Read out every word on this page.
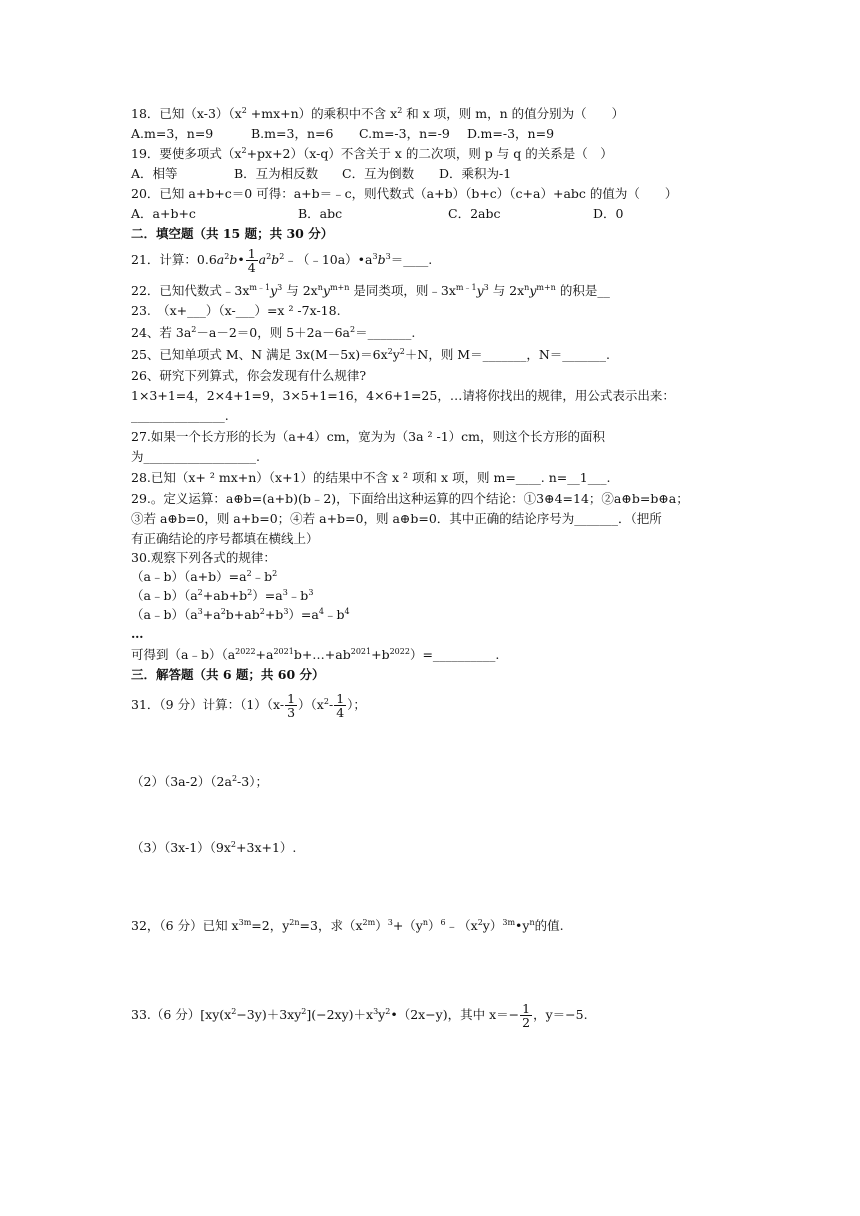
18．已知$(x-3)(x^2 +mx+n)$的乘积中不含 $x^2$ 和 x 项，则 m，n 的值分别为（　　）
A.m=3，n=9	B.m=3，n=6 C.m=-3，n=-9 D.m=-3，n=9
19．要使多项式$(x^2+px+2)(x-q)$不含关于 x 的二次项，则 p 与 q 的关系是（　）
A．相等	B．互为相反数 C．互为倒数 D．乘积为-1
20．已知 a+b+c＝0 可得：a+b＝﹣c，则代数式（a+b）（b+c）（c+a）+abc 的值为（　　）
A．a+b+c	B．abc	C．2abc	D．0
二．填空题（共 15 题；共 30 分）
21．计算：$0.6a^2b• \frac{1}{4}$ $a^2b^2﹣(﹣10a)•a^3b^3=\_\_\_\_$.
22．已知代数式$﹣3x^{m﹣1}y^3$ 与 $2x^ny^{m+n}$ 是同类项，则$﹣3x^{m﹣1}y^3$ 与 $2x^ny^{m+n}$ 的积是__
23.　（x+___）（x-___）=x ² -7x-18.
24、若 $3a^2-a-2=0$，则 $5+2a-6a^2=\_\_\_\_\_\_\_$.
25、已知单项式 M、N 满足 $3x(M-5x)=6x^2y^2+N$，则 M＝_______，N＝_______.
26、研究下列算式，你会发现有什么规律?
1×3+1=4，2×4+1=9，3×5+1=16，4×6+1=25，…请将你找出的规律，用公式表示出来：
_______________.
27.如果一个长方形的长为（a+4）cm，宽为为（3a ² -1）cm，则这个长方形的面积
为__________________.
28.已知（x+ ² mx+n）（x+1）的结果中不含 x ² 项和 x 项，则 m=____. n=__1___.
29.。定义运算：a⊕b=(a+b)(b﹣2)，下面给出这种运算的四个结论：①3⊕4=14；②a⊕b=b⊕a；
③若 a⊕b=0，则 a+b=0；④若 a+b=0，则 a⊕b=0．其中正确的结论序号为_______．（把所
有正确结论的序号都填在横线上）
30.观察下列各式的规律：
$(a﹣b)(a+b)=a^2﹣b^2$
$(a﹣b)(a^2+ab+b^2)=a^3﹣b^3$
$(a﹣b)(a^3+a^2b+ab^2+b^3)=a^4﹣b^4$
…
可得到$(a﹣b)(a^{2022}+a^{2021}b+\dots+ab^{2021}+b^{2022})=\_\_\_\_\_\_\_\_\_\_$.
三．解答题（共 6 题；共 60 分）
31．（9 分）计算：$(1)(x- \frac{1}{3} )(x^2- \frac{1}{4}$ ）；
$(2)(3a-2)(2a^2-3)$；
$(3)(3x-1)(9x^2+3x+1)$.
32，（6 分）已知 $x^{3m}=2$，$y^{2n}=3$，求$(x^{2m})^3+(y^n)^6﹣(x^2y)^{3m}•y^n$的值.
33.（6 分）$[xy(x^2-3y)+3xy^2](-2xy)+x^3y^2•(2x-y)$，其中 $x=- \frac{1}{2}$ ，y＝−5.
